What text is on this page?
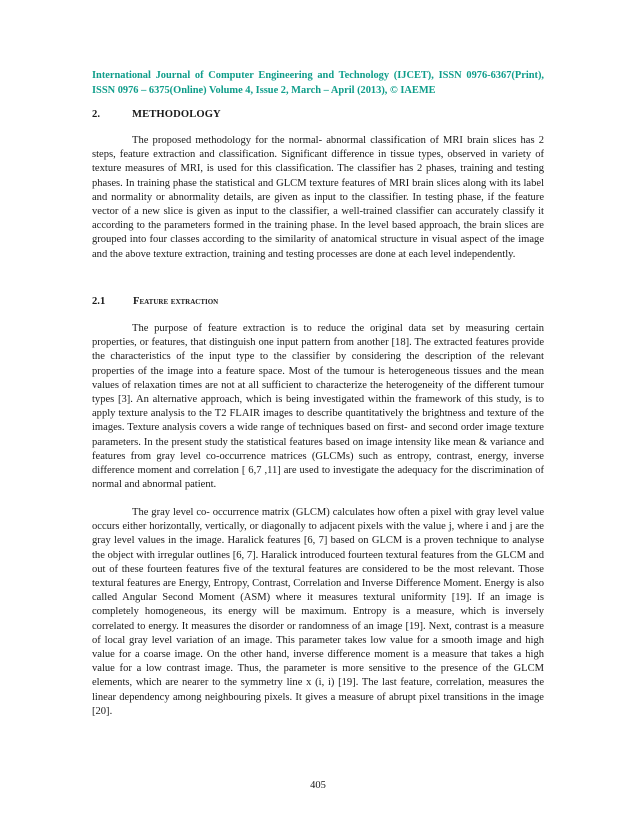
International Journal of Computer Engineering and Technology (IJCET), ISSN 0976-6367(Print), ISSN 0976 – 6375(Online) Volume 4, Issue 2, March – April (2013), © IAEME
2.	METHODOLOGY

The proposed methodology for the normal- abnormal classification of MRI brain slices has 2 steps, feature extraction and classification. Significant difference in tissue types, observed in variety of texture measures of MRI, is used for this classification. The classifier has 2 phases, training and testing phases. In training phase the statistical and GLCM texture features of MRI brain slices along with its label and normality or abnormality details, are given as input to the classifier. In testing phase, if the feature vector of a new slice is given as input to the classifier, a well-trained classifier can accurately classify it according to the parameters formed in the training phase. In the level based approach, the brain slices are grouped into four classes according to the similarity of anatomical structure in visual aspect of the image and the above texture extraction, training and testing processes are done at each level independently.

2.1	Feature extraction

The purpose of feature extraction is to reduce the original data set by measuring certain properties, or features, that distinguish one input pattern from another [18]. The extracted features provide the characteristics of the input type to the classifier by considering the description of the relevant properties of the image into a feature space. Most of the tumour is heterogeneous tissues and the mean values of relaxation times are not at all sufficient to characterize the heterogeneity of the different tumour types [3]. An alternative approach, which is being investigated within the framework of this study, is to apply texture analysis to the T2 FLAIR images to describe quantitatively the brightness and texture of the images. Texture analysis covers a wide range of techniques based on first- and second order image texture parameters. In the present study the statistical features based on image intensity like mean & variance and features from gray level co-occurrence matrices (GLCMs) such as entropy, contrast, energy, inverse difference moment and correlation [ 6,7 ,11] are used to investigate the adequacy for the discrimination of normal and abnormal patient.

The gray level co- occurrence matrix (GLCM) calculates how often a pixel with gray level value occurs either horizontally, vertically, or diagonally to adjacent pixels with the value j, where i and j are the gray level values in the image. Haralick features [6, 7] based on GLCM is a proven technique to analyse the object with irregular outlines [6, 7]. Haralick introduced fourteen textural features from the GLCM and out of these fourteen features five of the textural features are considered to be the most relevant. Those textural features are Energy, Entropy, Contrast, Correlation and Inverse Difference Moment. Energy is also called Angular Second Moment (ASM) where it measures textural uniformity [19]. If an image is completely homogeneous, its energy will be maximum. Entropy is a measure, which is inversely correlated to energy. It measures the disorder or randomness of an image [19]. Next, contrast is a measure of local gray level variation of an image. This parameter takes low value for a smooth image and high value for a coarse image. On the other hand, inverse difference moment is a measure that takes a high value for a low contrast image. Thus, the parameter is more sensitive to the presence of the GLCM elements, which are nearer to the symmetry line x (i, i) [19]. The last feature, correlation, measures the linear dependency among neighbouring pixels. It gives a measure of abrupt pixel transitions in the image [20].

405
